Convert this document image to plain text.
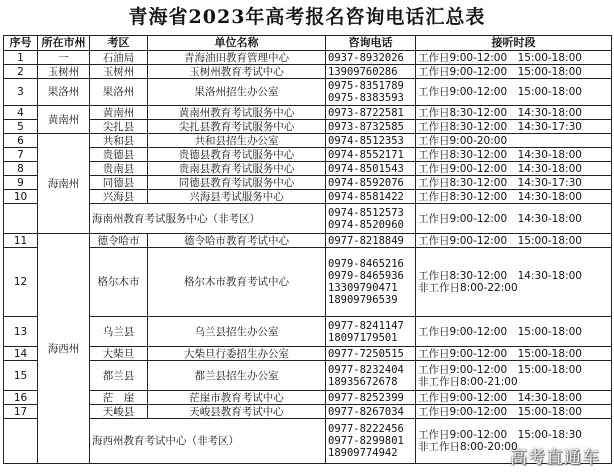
青海省2023年高考报名咨询电话汇总表
序号	所在市州	考区	单位名称	咨询电话	接听时段
1	一	石油局	青海油田教育管理中心	0937-8932026	工作日9:00-12:00　15:00-18:00

2	玉树州	玉树州	玉树州教育考试中心	13909760286	工作日9:00-12:00　15:00-18:00

3	果洛州	果洛州	果洛州招生办公室	0975-8351789
0975-8383593	工作日9:00-12:00　15:00-18:00

4	黄南州	黄南州	黄南州教育考试服务中心	0973-8722581	工作日8:30-12:00　14:30-18:00

5		尖扎县	尖扎县教育考试服务中心	0973-8732585	工作日8:30-12:00　14:30-17:30

6	海南州	共和县	共和县招生办公室	0974-8512353	工作日9:00-20:00

7		贵德县	贵德县教育考试服务中心	0974-8552171	工作日8:30-12:00　14:30-18:00

8		贵南县	贵南县教育考试服务中心	0974-8501543	工作日9:00-12:00　14:30-18:00

9		同德县	同德县教育考试服务中心	0974-8592076	工作日8:30-12:00　14:30-17:30

10		兴海县	兴海县考试服务中心	0974-8581422	工作日8:30-12:00　14:30-18:00

		海南州教育考试服务中心（非考区）		0974-8512573
0974-8520960	工作日9:00-12:00　14:30-18:00

11	海西州	德令哈市	德令哈市教育考试中心	0977-8218849	工作日9:00-12:00　15:00-18:00

12		格尔木市	格尔木市教育考试中心	0979-8465216
0979-8465936
13309790471
18909796539	工作日8:30-12:00　14:30-18:00
非工作日8:00-22:00

13		乌兰县	乌兰县招生办公室	0977-8241147
18097179501	工作日9:00-12:00　15:00-18:00

14		大柴旦	大柴旦行委招生办公室	0977-7250515	工作日9:00-12:00　15:00-18:00

15		都兰县	都兰县招生办公室	0977-8232404
18935672678	工作日9:00-12:00　15:00-18:00
非工作日8:00-21:00

16		茫　崖	茫崖市教育考试中心	0977-8252399	工作日9:00-12:00　14:30-18:00

17		天峻县	天峻县教育考试中心	0977-8267034	工作日9:00-12:00　15:00-18:00

		海西州教育考试中心（非考区）		0977-8222456
0977-8299801
18909774942	工作日9:00-12:00　15:00-18:30
非工作日8:00-20:00
高考直通车
